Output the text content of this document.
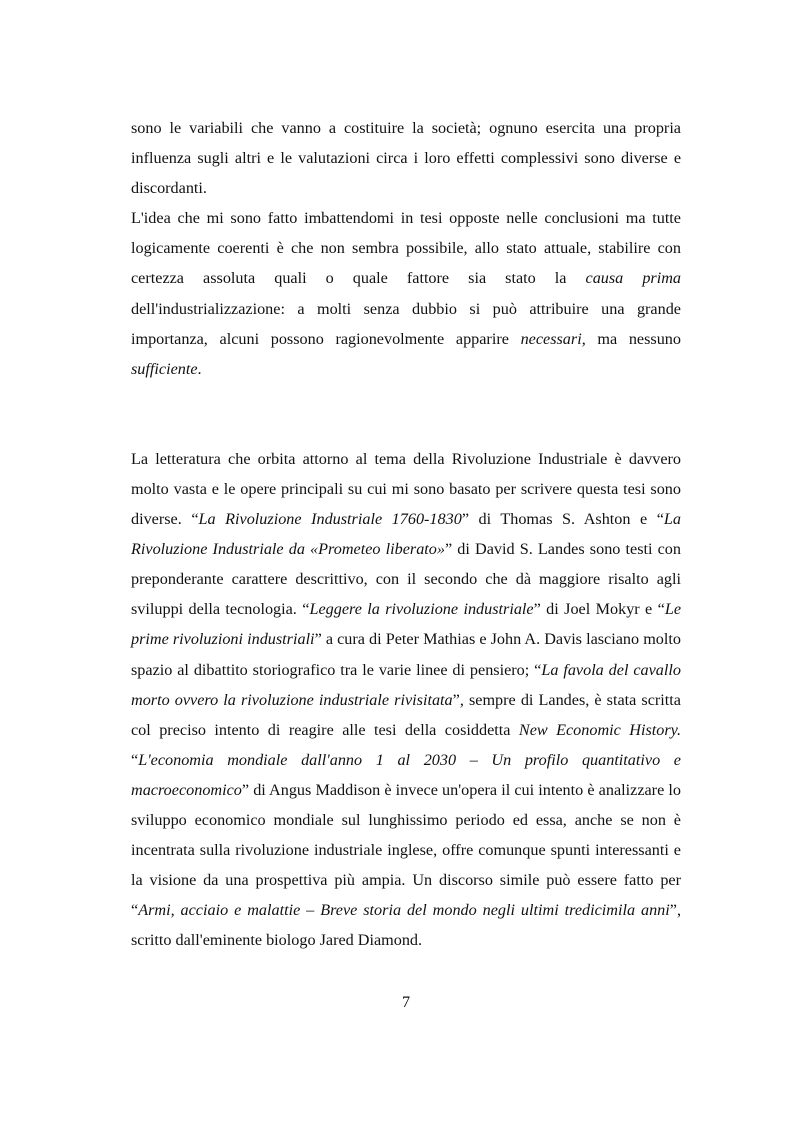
sono le variabili che vanno a costituire la società; ognuno esercita una propria influenza sugli altri e le valutazioni circa i loro effetti complessivi sono diverse e discordanti.

L'idea che mi sono fatto imbattendomi in tesi opposte nelle conclusioni ma tutte logicamente coerenti è che non sembra possibile, allo stato attuale, stabilire con certezza assoluta quali o quale fattore sia stato la causa prima dell'industrializzazione: a molti senza dubbio si può attribuire una grande importanza, alcuni possono ragionevolmente apparire necessari, ma nessuno sufficiente.

La letteratura che orbita attorno al tema della Rivoluzione Industriale è davvero molto vasta e le opere principali su cui mi sono basato per scrivere questa tesi sono diverse. “La Rivoluzione Industriale 1760-1830” di Thomas S. Ashton e “La Rivoluzione Industriale da «Prometeo liberato»” di David S. Landes sono testi con preponderante carattere descrittivo, con il secondo che dà maggiore risalto agli sviluppi della tecnologia. “Leggere la rivoluzione industriale” di Joel Mokyr e “Le prime rivoluzioni industriali” a cura di Peter Mathias e John A. Davis lasciano molto spazio al dibattito storiografico tra le varie linee di pensiero; “La favola del cavallo morto ovvero la rivoluzione industriale rivisitata”, sempre di Landes, è stata scritta col preciso intento di reagire alle tesi della cosiddetta New Economic History. “L'economia mondiale dall'anno 1 al 2030 – Un profilo quantitativo e macroeconomico” di Angus Maddison è invece un'opera il cui intento è analizzare lo sviluppo economico mondiale sul lunghissimo periodo ed essa, anche se non è incentrata sulla rivoluzione industriale inglese, offre comunque spunti interessanti e la visione da una prospettiva più ampia. Un discorso simile può essere fatto per “Armi, acciaio e malattie – Breve storia del mondo negli ultimi tredicimila anni”, scritto dall'eminente biologo Jared Diamond.

7
